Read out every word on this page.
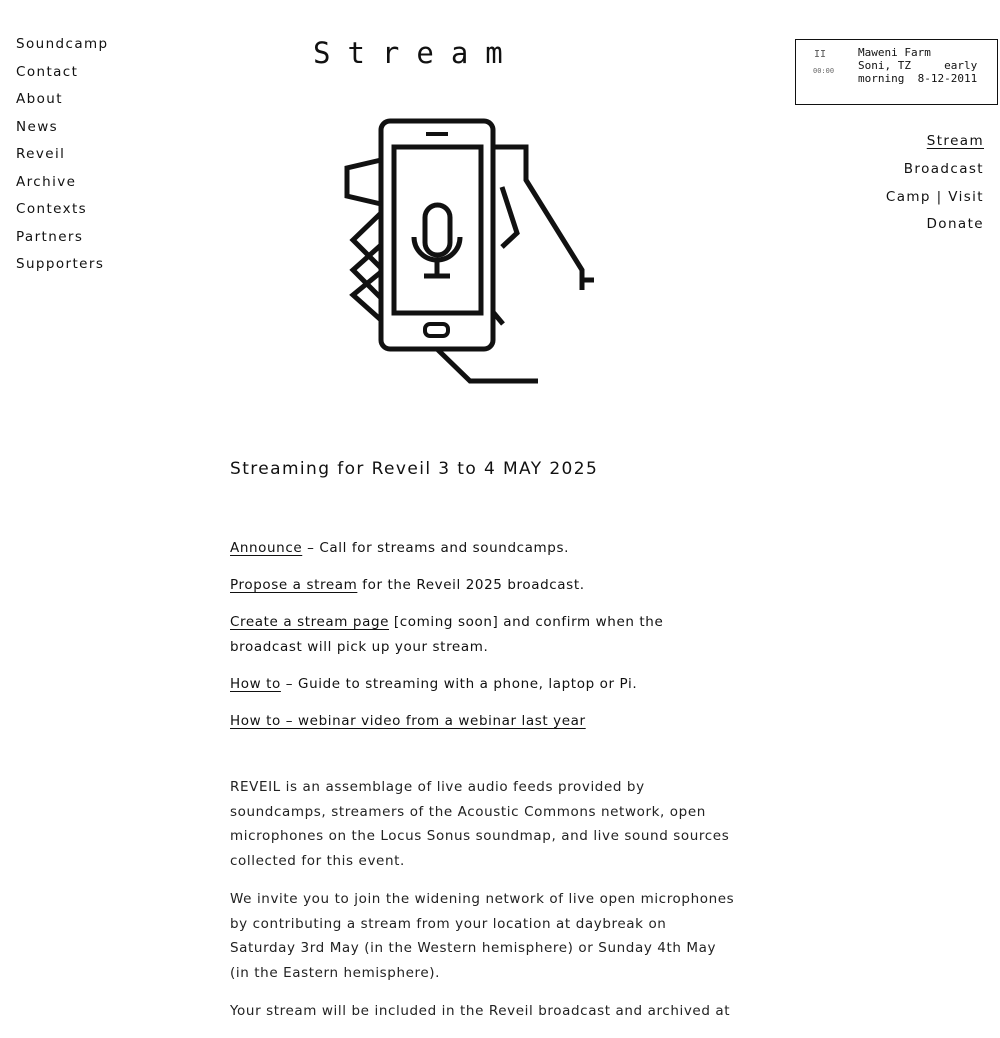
Soundcamp
Contact
About
News
Reveil
Archive
Contexts
Partners
Supporters
Stream	II
00:00
Maweni Farm
Soni, TZ     early
morning  8-12-2011
Stream
Broadcast
Camp | Visit
Donate
Streaming for Reveil 3 to 4 MAY 2025

Announce – Call for streams and soundcamps.

Propose a stream for the Reveil 2025 broadcast.

Create a stream page [coming soon] and confirm when the broadcast will pick up your stream.

How to – Guide to streaming with a phone, laptop or Pi.

How to – webinar video from a webinar last year

REVEIL is an assemblage of live audio feeds provided by soundcamps, streamers of the Acoustic Commons network, open microphones on the Locus Sonus soundmap, and live sound sources collected for this event.

We invite you to join the widening network of live open microphones by contributing a stream from your location at daybreak on Saturday 3rd May (in the Western hemisphere) or Sunday 4th May (in the Eastern hemisphere).

Your stream will be included in the Reveil broadcast and archived at
